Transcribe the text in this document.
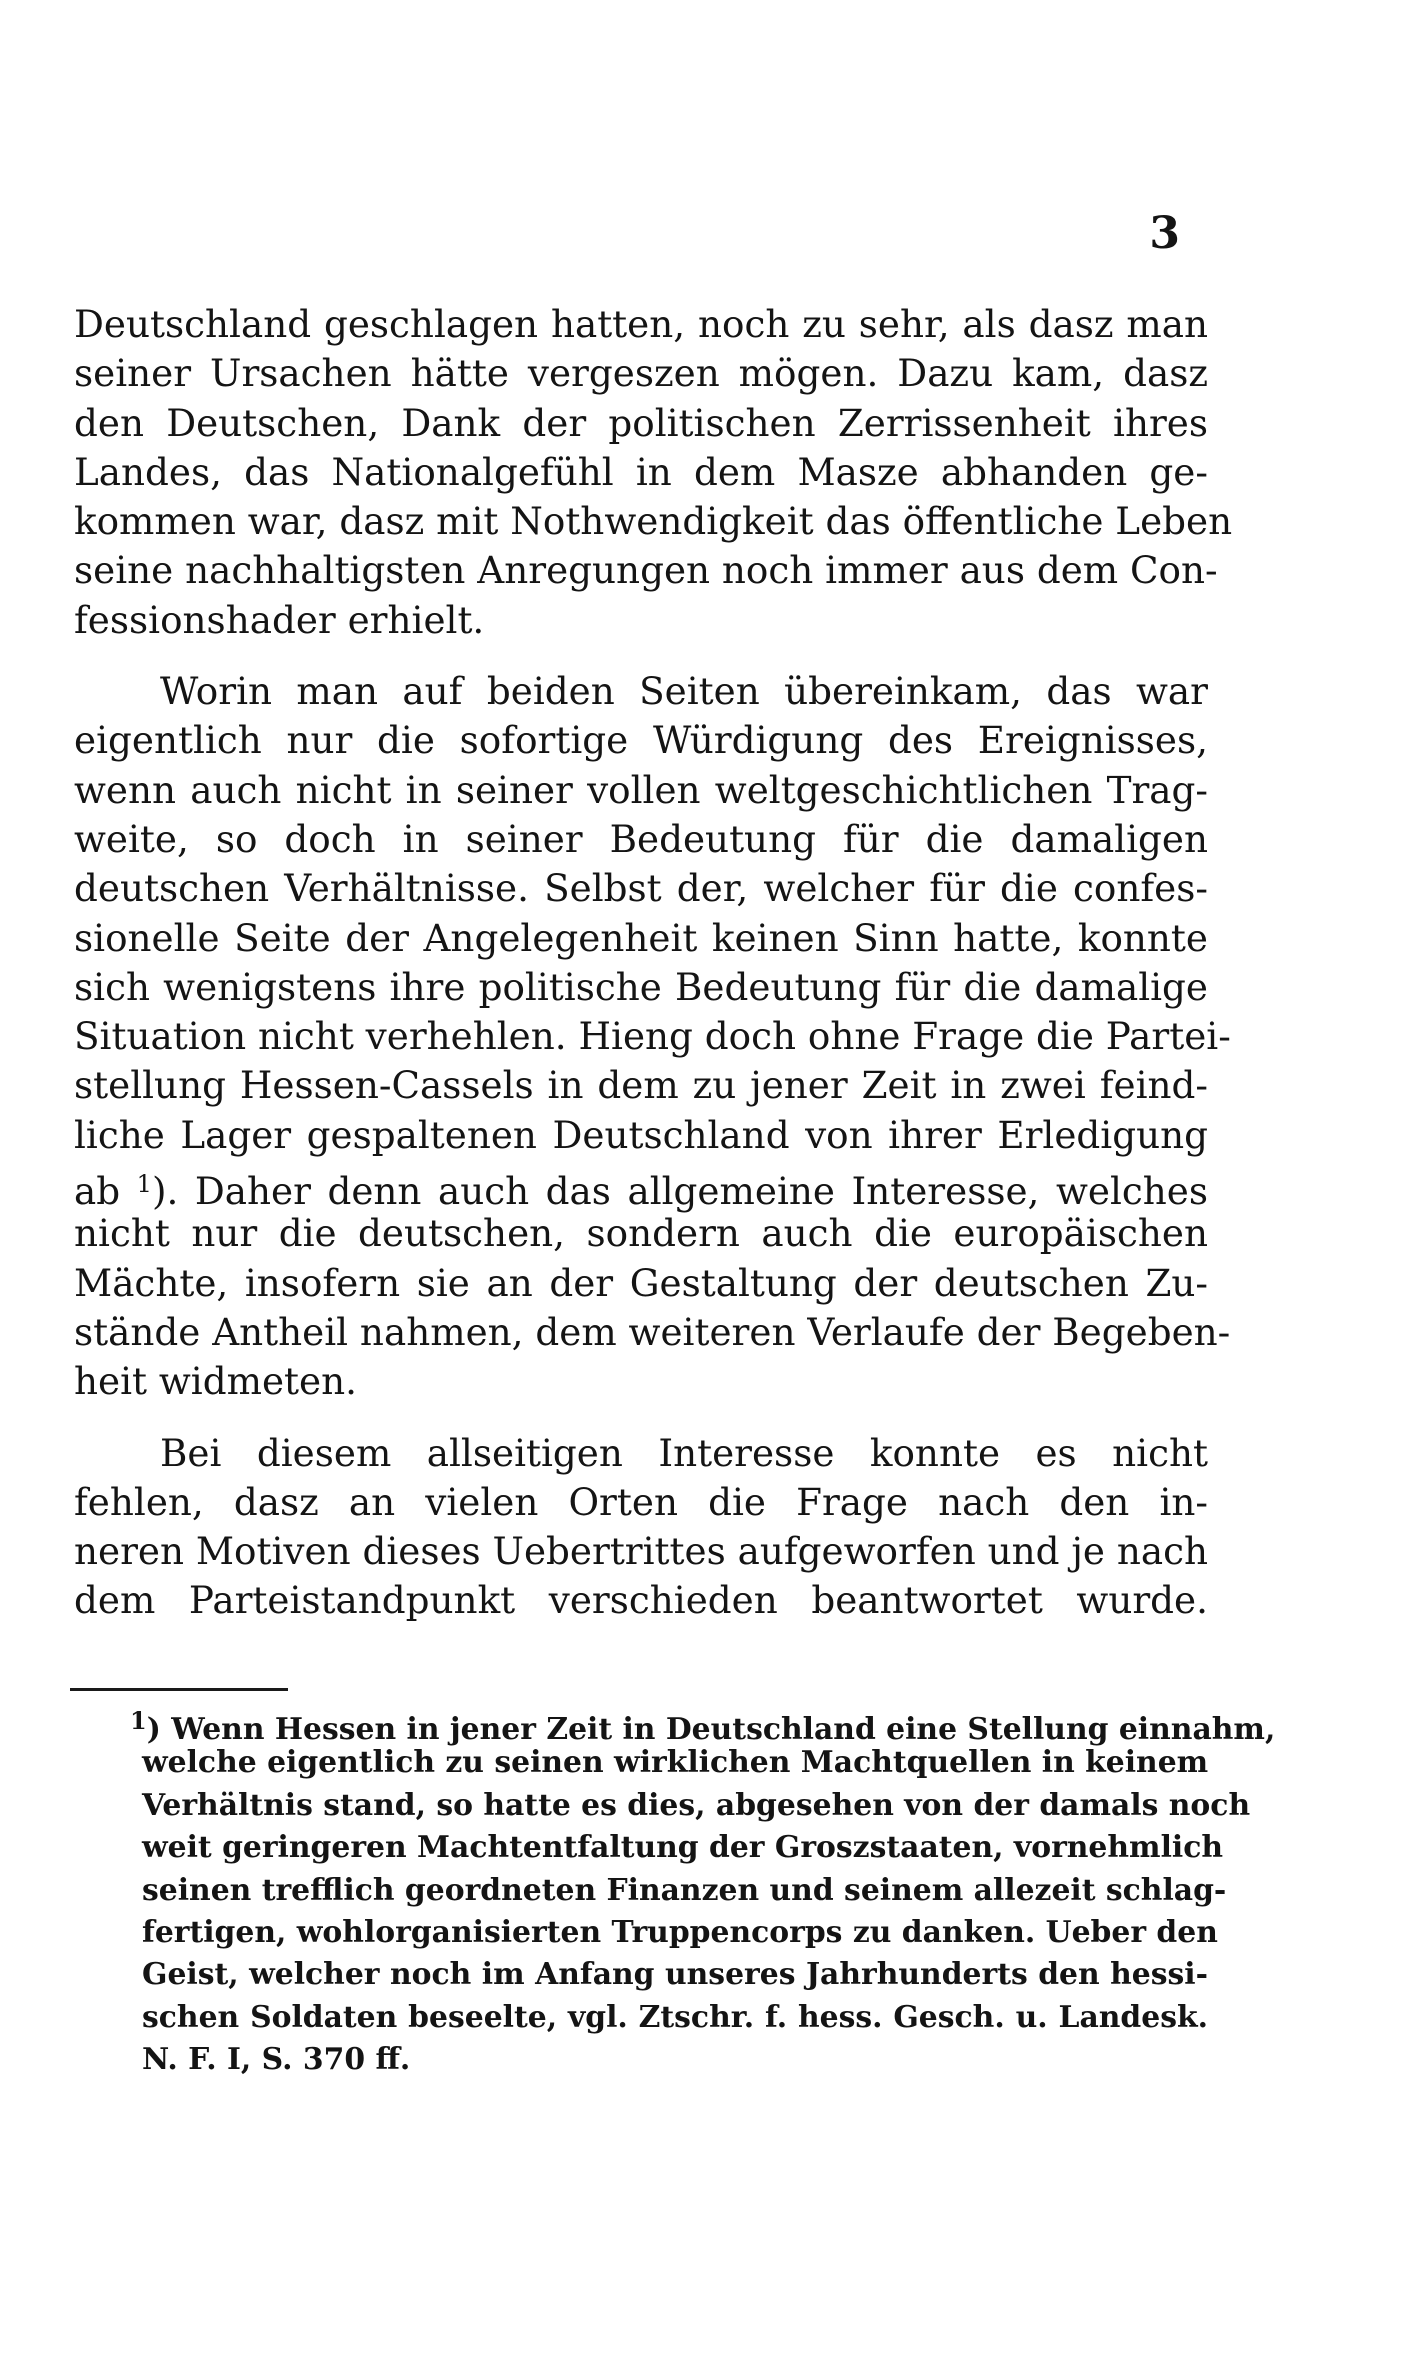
3
Deutschland geschlagen hatten, noch zu sehr, als dasz man
seiner Ursachen hätte vergeszen mögen. Dazu kam, dasz
den Deutschen, Dank der politischen Zerrissenheit ihres
Landes, das Nationalgefühl in dem Masze abhanden ge-
kommen war, dasz mit Nothwendigkeit das öffentliche Leben
seine nachhaltigsten Anregungen noch immer aus dem Con-
fessionshader erhielt.
Worin man auf beiden Seiten übereinkam, das war
eigentlich nur die sofortige Würdigung des Ereignisses,
wenn auch nicht in seiner vollen weltgeschichtlichen Trag-
weite, so doch in seiner Bedeutung für die damaligen
deutschen Verhältnisse. Selbst der, welcher für die confes-
sionelle Seite der Angelegenheit keinen Sinn hatte, konnte
sich wenigstens ihre politische Bedeutung für die damalige
Situation nicht verhehlen. Hieng doch ohne Frage die Partei-
stellung Hessen-Cassels in dem zu jener Zeit in zwei feind-
liche Lager gespaltenen Deutschland von ihrer Erledigung
ab $^1$). Daher denn auch das allgemeine Interesse, welches
nicht nur die deutschen, sondern auch die europäischen
Mächte, insofern sie an der Gestaltung der deutschen Zu-
stände Antheil nahmen, dem weiteren Verlaufe der Begeben-
heit widmeten.
Bei diesem allseitigen Interesse konnte es nicht
fehlen, dasz an vielen Orten die Frage nach den in-
neren Motiven dieses Uebertrittes aufgeworfen und je nach
dem Parteistandpunkt verschieden beantwortet wurde.
$^1$) Wenn Hessen in jener Zeit in Deutschland eine Stellung einnahm,
welche eigentlich zu seinen wirklichen Machtquellen in keinem
Verhältnis stand, so hatte es dies, abgesehen von der damals noch
weit geringeren Machtentfaltung der Groszstaaten, vornehmlich
seinen trefflich geordneten Finanzen und seinem allezeit schlag-
fertigen, wohlorganisierten Truppencorps zu danken. Ueber den
Geist, welcher noch im Anfang unseres Jahrhunderts den hessi-
schen Soldaten beseelte, vgl. Ztschr. f. hess. Gesch. u. Landesk.
N. F. I, S. 370 ff.
